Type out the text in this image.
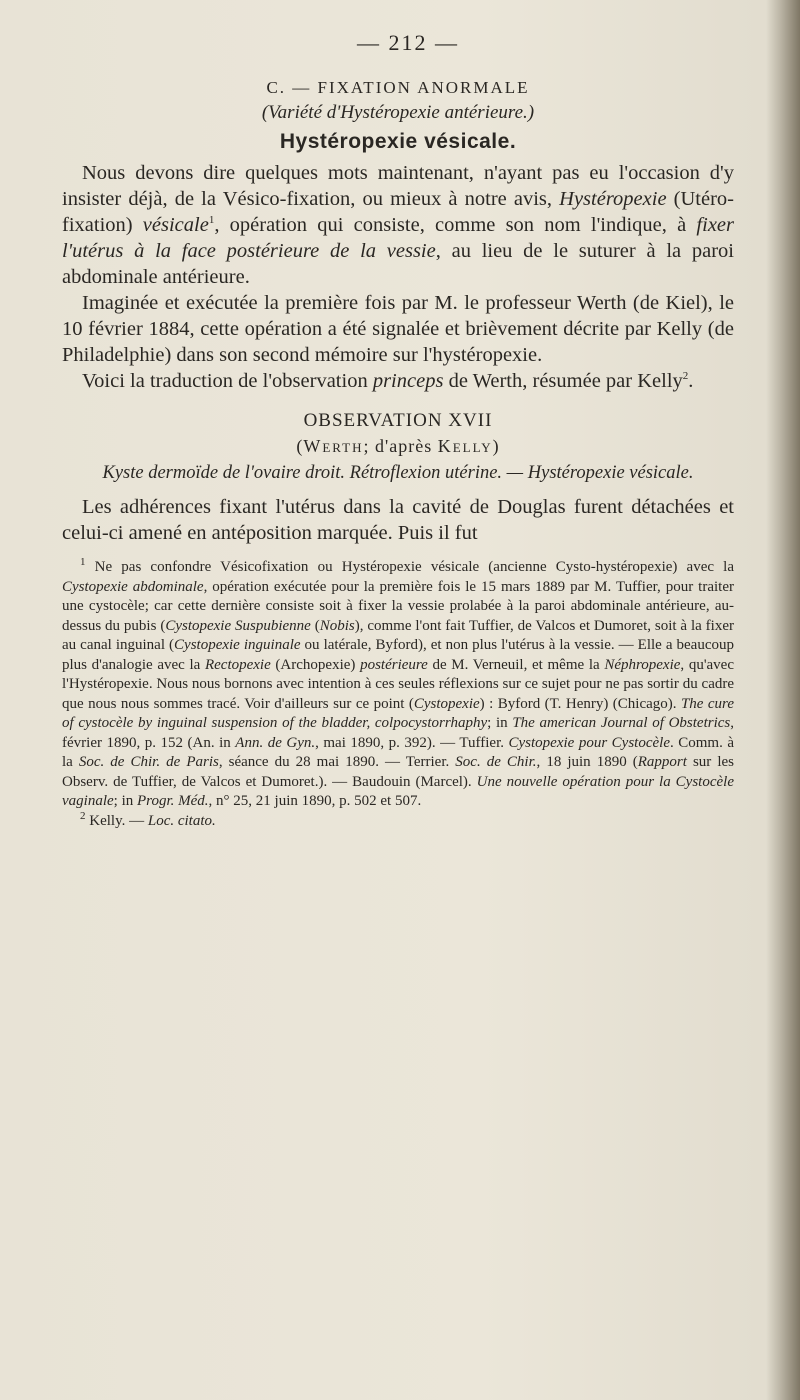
— 212 —
C. — FIXATION ANORMALE
(Variété d'Hystéropexie antérieure.)
Hystéropexie vésicale.

Nous devons dire quelques mots maintenant, n'ayant pas eu l'occasion d'y insister déjà, de la Vésico-fixation, ou mieux à notre avis, Hystéropexie (Utéro-fixation) vésicale$^1$, opération qui consiste, comme son nom l'indique, à fixer l'utérus à la face postérieure de la vessie, au lieu de le suturer à la paroi abdominale antérieure.

Imaginée et exécutée la première fois par M. le professeur Werth (de Kiel), le 10 février 1884, cette opération a été signalée et brièvement décrite par Kelly (de Philadelphie) dans son second mémoire sur l'hystéropexie.

Voici la traduction de l'observation princeps de Werth, résumée par Kelly$^2$.

OBSERVATION XVII
(Werth; d'après Kelly)
Kyste dermoïde de l'ovaire droit. Rétroflexion utérine. — Hystéropexie vésicale.

Les adhérences fixant l'utérus dans la cavité de Douglas furent détachées et celui-ci amené en antéposition marquée. Puis il fut

$^1$ Ne pas confondre Vésicofixation ou Hystéropexie vésicale (ancienne Cysto-hystéropexie) avec la Cystopexie abdominale, opération exécutée pour la première fois le 15 mars 1889 par M. Tuffier, pour traiter une cystocèle; car cette dernière consiste soit à fixer la vessie prolabée à la paroi abdominale antérieure, au-dessus du pubis (Cystopexie Suspubienne (Nobis), comme l'ont fait Tuffier, de Valcos et Dumoret, soit à la fixer au canal inguinal (Cystopexie inguinale ou latérale, Byford), et non plus l'utérus à la vessie. — Elle a beaucoup plus d'analogie avec la Rectopexie (Archopexie) postérieure de M. Verneuil, et même la Néphropexie, qu'avec l'Hystéropexie. Nous nous bornons avec intention à ces seules réflexions sur ce sujet pour ne pas sortir du cadre que nous nous sommes tracé. Voir d'ailleurs sur ce point (Cystopexie) : Byford (T. Henry) (Chicago). The cure of cystocèle by inguinal suspension of the bladder, colpocystorrhaphy; in The american Journal of Obstetrics, février 1890, p. 152 (An. in Ann. de Gyn., mai 1890, p. 392). — Tuffier. Cystopexie pour Cystocèle. Comm. à la Soc. de Chir. de Paris, séance du 28 mai 1890. — Terrier. Soc. de Chir., 18 juin 1890 (Rapport sur les Observ. de Tuffier, de Valcos et Dumoret.). — Baudouin (Marcel). Une nouvelle opération pour la Cystocèle vaginale; in Progr. Méd., n° 25, 21 juin 1890, p. 502 et 507.

$^2$ Kelly. — Loc. citato.
